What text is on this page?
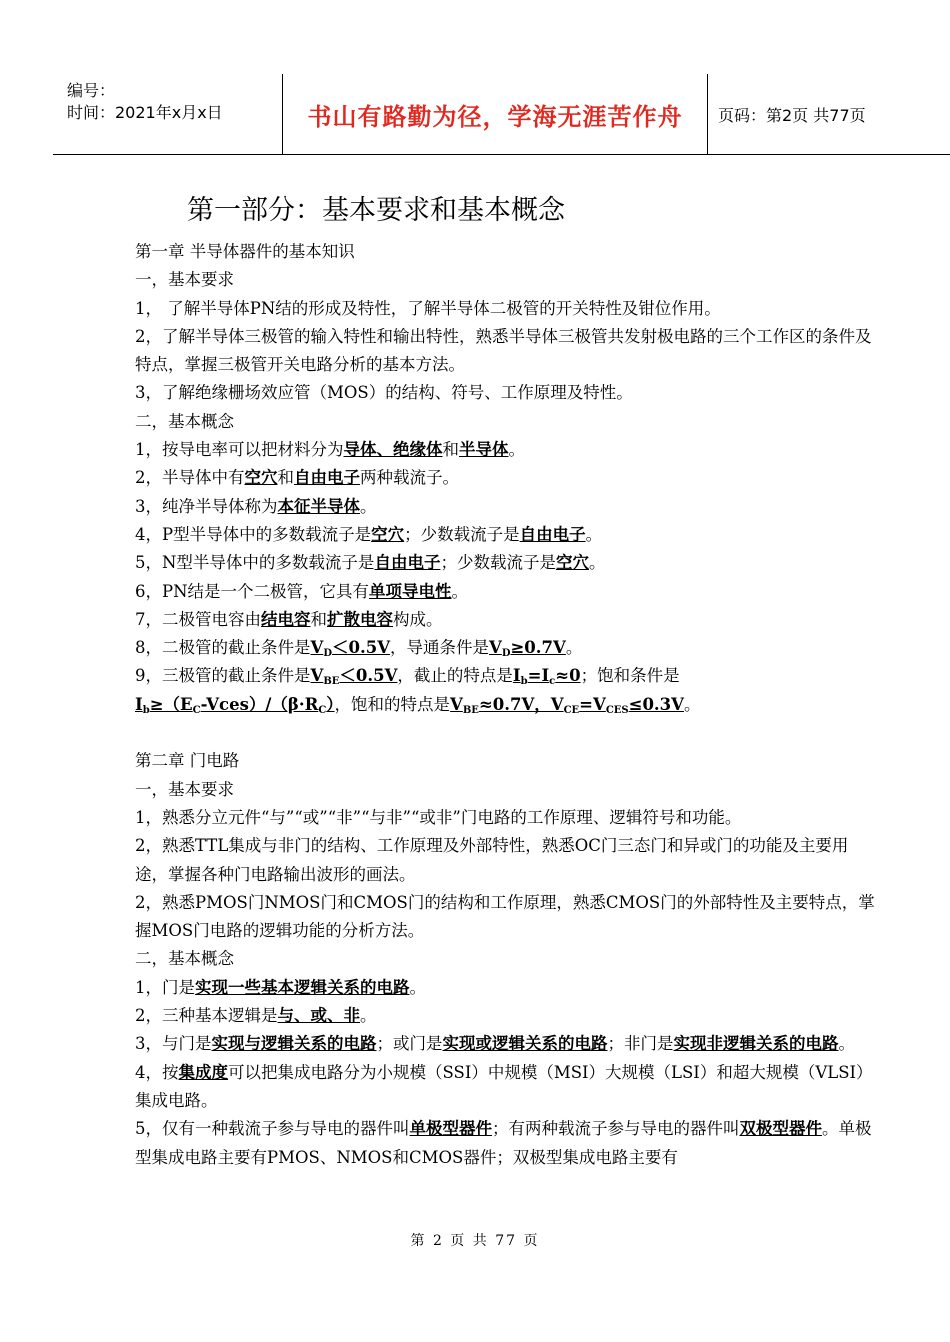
编号：
时间：2021年x月x日	书山有路勤为径，学海无涯苦作舟	页码：第2页 共77页
第一部分：基本要求和基本概念

第一章 半导体器件的基本知识

一，基本要求

1， 了解半导体PN结的形成及特性，了解半导体二极管的开关特性及钳位作用。

2，了解半导体三极管的输入特性和输出特性，熟悉半导体三极管共发射极电路的三个工作区的条件及特点，掌握三极管开关电路分析的基本方法。

3，了解绝缘栅场效应管（MOS）的结构、符号、工作原理及特性。

二，基本概念

1，按导电率可以把材料分为导体、绝缘体和半导体。

2，半导体中有空穴和自由电子两种载流子。

3，纯净半导体称为本征半导体。

4，P型半导体中的多数载流子是空穴；少数载流子是自由电子。

5，N型半导体中的多数载流子是自由电子；少数载流子是空穴。

6，PN结是一个二极管，它具有单项导电性。

7，二极管电容由结电容和扩散电容构成。

8，二极管的截止条件是$V_D<0.5V$，导通条件是$V_D\ge 0.7V$。

9，三极管的截止条件是$V_{BE}<0.5V$，截止的特点是$I_b=I_c\approx 0$；饱和条件是
$I_b\ge(E_C-Vces)/(\beta\cdot R_C)$，饱和的特点是$V_{BE}\approx 0.7V$，$V_{CE}=V_{CES}\le 0.3V$。

第二章 门电路

一，基本要求

1，熟悉分立元件“与”“或”“非”“与非”“或非”门电路的工作原理、逻辑符号和功能。

2，熟悉TTL集成与非门的结构、工作原理及外部特性，熟悉OC门三态门和异或门的功能及主要用途，掌握各种门电路输出波形的画法。

2，熟悉PMOS门NMOS门和CMOS门的结构和工作原理，熟悉CMOS门的外部特性及主要特点，掌握MOS门电路的逻辑功能的分析方法。

二，基本概念

1，门是实现一些基本逻辑关系的电路。

2，三种基本逻辑是与、或、非。

3，与门是实现与逻辑关系的电路；或门是实现或逻辑关系的电路；非门是实现非逻辑关系的电路。

4，按集成度可以把集成电路分为小规模（SSI）中规模（MSI）大规模（LSI）和超大规模（VLSI）集成电路。

5，仅有一种载流子参与导电的器件叫单极型器件；有两种载流子参与导电的器件叫双极型器件。单极型集成电路主要有PMOS、NMOS和CMOS器件；双极型集成电路主要有

第 2 页 共 77 页
